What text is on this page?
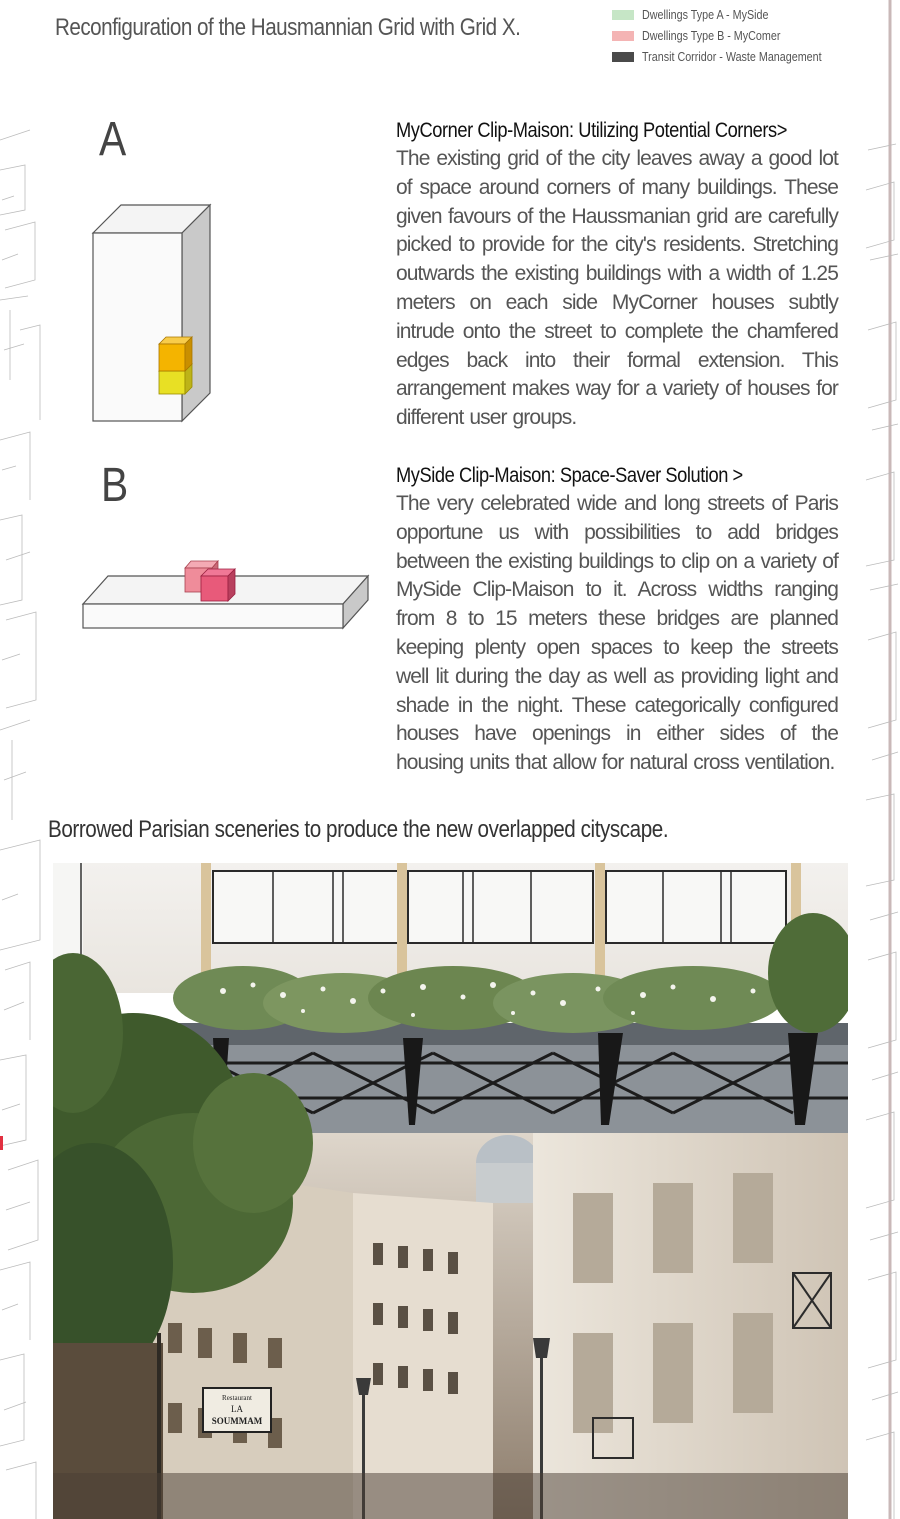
Reconfiguration of the Hausmannian Grid with Grid X.	Dwellings Type A - MySide
Dwellings Type B - MyComer
Transit Corridor - Waste Management
A	MyCorner Clip-Maison: Utilizing Potential Corners>
The existing grid of the city leaves away a good lot of space around corners of many buildings. These given favours of the Haussmanian grid are carefully picked to provide for the city's residents. Stretching outwards the existing buildings with a width of 1.25 meters on each side MyCorner houses subtly intrude onto the street to complete the chamfered edges back into their formal extension. This arrangement makes way for a variety of houses for different user groups.
B	MySide Clip-Maison: Space-Saver Solution >
The very celebrated wide and long streets of Paris opportune us with possibilities to add bridges between the existing buildings to clip on a variety of MySide Clip-Maison to it. Across widths ranging from 8 to 15 meters these bridges are planned keeping plenty open spaces to keep the streets well lit during the day as well as providing light and shade in the night. These categorically configured houses have openings in either sides of the housing units that allow for natural cross ventilation.
Borrowed Parisian sceneries to produce the new overlapped cityscape.
Restaurant
LA
SOUMMAM
